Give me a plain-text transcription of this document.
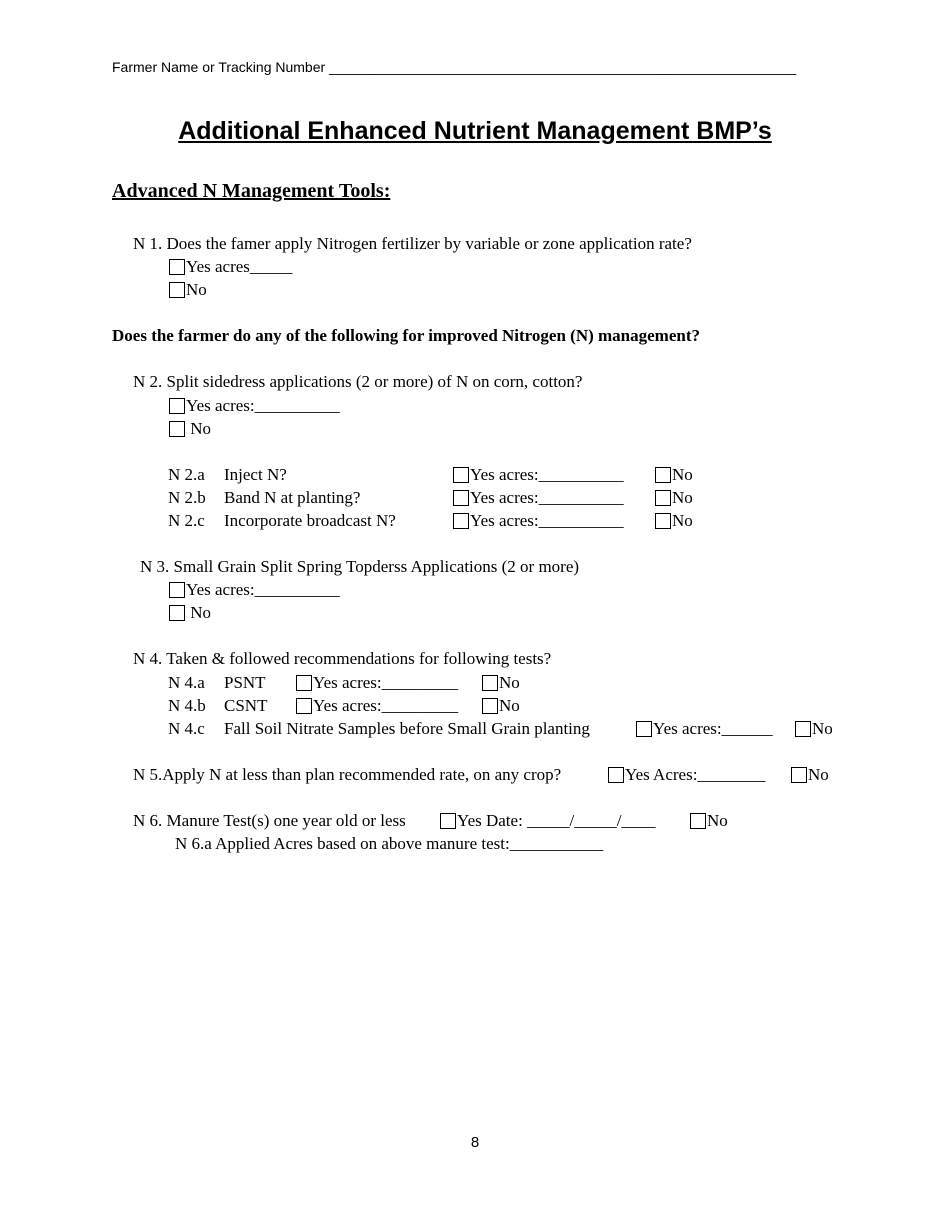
Farmer Name or Tracking Number ____________________________________________________________
Additional Enhanced Nutrient Management BMP’s
Advanced N Management Tools:
N 1. Does the famer apply Nitrogen fertilizer by variable or zone application rate?
Yes acres_____
No
Does the farmer do any of the following for improved Nitrogen (N) management?
N 2. Split sidedress applications (2 or more) of N on corn, cotton?
Yes acres:__________
No
N 2.a Inject N?	Yes acres:__________	No
N 2.b Band N at planting?	Yes acres:__________	No
N 2.c Incorporate broadcast N?	Yes acres:__________	No
N 3. Small Grain Split Spring Topderss Applications (2 or more)
Yes acres:__________
No
N 4. Taken & followed recommendations for following tests?
N 4.a PSNT	Yes acres:_________	No
N 4.b CSNT	Yes acres:_________	No
N 4.c Fall Soil Nitrate Samples before Small Grain planting	Yes acres:______	No
N 5.Apply N at less than plan recommended rate, on any crop?	Yes Acres:________	No
N 6. Manure Test(s) one year old or less	Yes Date: _____/_____/____	No
N 6.a Applied Acres based on above manure test:___________
8
